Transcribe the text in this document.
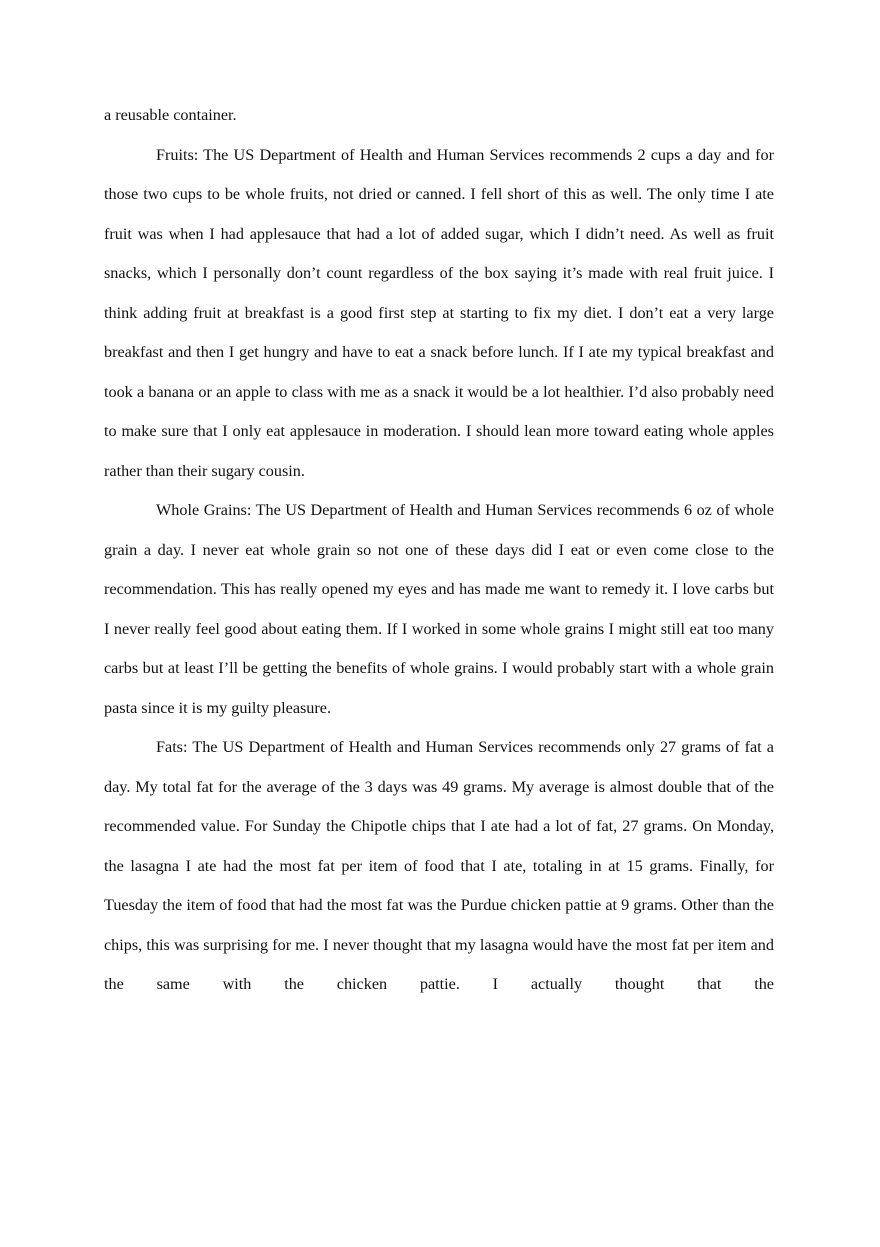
a reusable container.

Fruits: The US Department of Health and Human Services recommends 2 cups a day and for those two cups to be whole fruits, not dried or canned. I fell short of this as well. The only time I ate fruit was when I had applesauce that had a lot of added sugar, which I didn’t need. As well as fruit snacks, which I personally don’t count regardless of the box saying it’s made with real fruit juice. I think adding fruit at breakfast is a good first step at starting to fix my diet. I don’t eat a very large breakfast and then I get hungry and have to eat a snack before lunch. If I ate my typical breakfast and took a banana or an apple to class with me as a snack it would be a lot healthier. I’d also probably need to make sure that I only eat applesauce in moderation. I should lean more toward eating whole apples rather than their sugary cousin.

Whole Grains: The US Department of Health and Human Services recommends 6 oz of whole grain a day. I never eat whole grain so not one of these days did I eat or even come close to the recommendation. This has really opened my eyes and has made me want to remedy it. I love carbs but I never really feel good about eating them. If I worked in some whole grains I might still eat too many carbs but at least I’ll be getting the benefits of whole grains. I would probably start with a whole grain pasta since it is my guilty pleasure.

Fats: The US Department of Health and Human Services recommends only 27 grams of fat a day. My total fat for the average of the 3 days was 49 grams. My average is almost double that of the recommended value. For Sunday the Chipotle chips that I ate had a lot of fat, 27 grams. On Monday, the lasagna I ate had the most fat per item of food that I ate, totaling in at 15 grams. Finally, for Tuesday the item of food that had the most fat was the Purdue chicken pattie at 9 grams. Other than the chips, this was surprising for me. I never thought that my lasagna would have the most fat per item and the same with the chicken pattie. I actually thought that the
